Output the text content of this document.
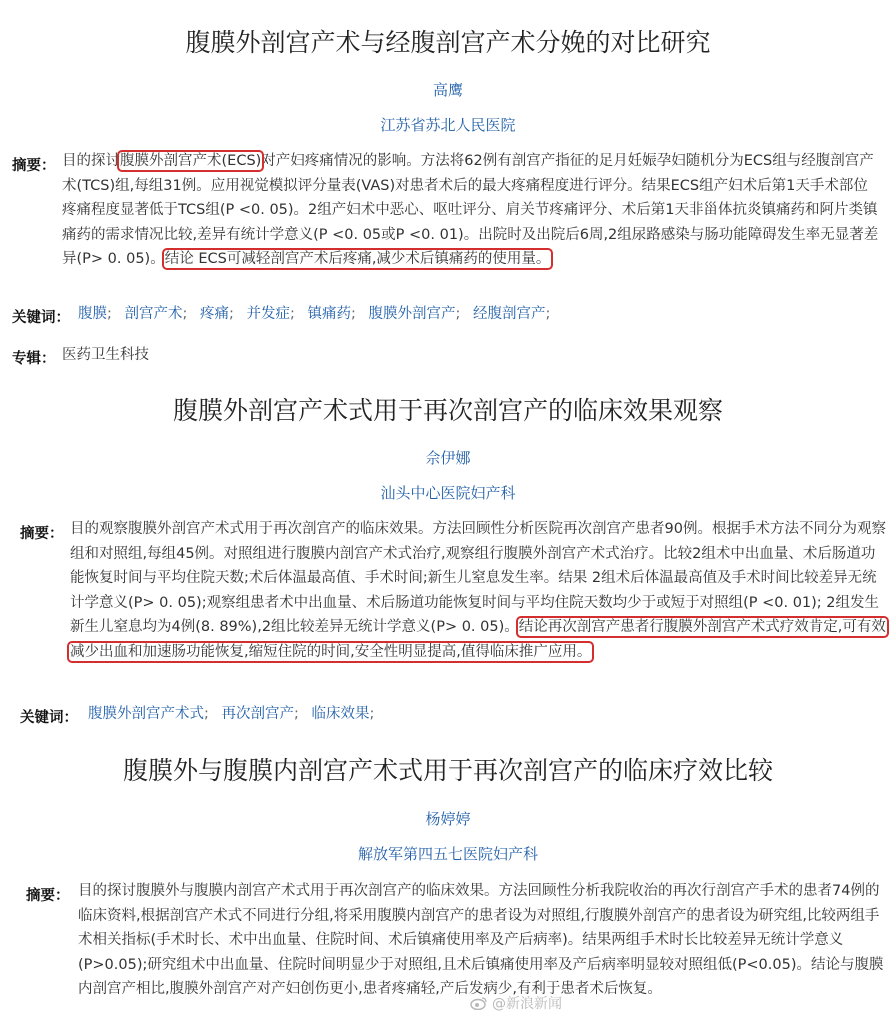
腹膜外剖宫产术与经腹剖宫产术分娩的对比研究
高鹰
江苏省苏北人民医院
摘要： 目的探讨腹膜外剖宫产术(ECS)对产妇疼痛情况的影响。方法将62例有剖宫产指征的足月妊娠孕妇随机分为ECS组与经腹剖宫产术(TCS)组,每组31例。应用视觉模拟评分量表(VAS)对患者术后的最大疼痛程度进行评分。结果ECS组产妇术后第1天手术部位疼痛程度显著低于TCS组(P <0. 05)。2组产妇术中恶心、呕吐评分、肩关节疼痛评分、术后第1天非甾体抗炎镇痛药和阿片类镇痛药的需求情况比较,差异有统计学意义(P <0. 05或P <0. 01)。出院时及出院后6周,2组尿路感染与肠功能障碍发生率无显著差异(P> 0. 05)。结论 ECS可减轻剖宫产术后疼痛,减少术后镇痛药的使用量。
关键词： 腹膜; 剖宫产术; 疼痛; 并发症; 镇痛药; 腹膜外剖宫产; 经腹剖宫产;
专辑： 医药卫生科技
腹膜外剖宫产术式用于再次剖宫产的临床效果观察
佘伊娜
汕头中心医院妇产科
摘要： 目的观察腹膜外剖宫产术式用于再次剖宫产的临床效果。方法回顾性分析医院再次剖宫产患者90例。根据手术方法不同分为观察组和对照组,每组45例。对照组进行腹膜内剖宫产术式治疗,观察组行腹膜外剖宫产术式治疗。比较2组术中出血量、术后肠道功能恢复时间与平均住院天数;术后体温最高值、手术时间;新生儿窒息发生率。结果 2组术后体温最高值及手术时间比较差异无统计学意义(P> 0. 05);观察组患者术中出血量、术后肠道功能恢复时间与平均住院天数均少于或短于对照组(P <0. 01); 2组发生新生儿窒息均为4例(8. 89%),2组比较差异无统计学意义(P> 0. 05)。结论再次剖宫产患者行腹膜外剖宫产术式疗效肯定,可有效减少出血和加速肠功能恢复,缩短住院的时间,安全性明显提高,值得临床推广应用。
关键词： 腹膜外剖宫产术式; 再次剖宫产; 临床效果;
腹膜外与腹膜内剖宫产术式用于再次剖宫产的临床疗效比较
杨婷婷
解放军第四五七医院妇产科
摘要： 目的探讨腹膜外与腹膜内剖宫产术式用于再次剖宫产的临床效果。方法回顾性分析我院收治的再次行剖宫产手术的患者74例的临床资料,根据剖宫产术式不同进行分组,将采用腹膜内剖宫产的患者设为对照组,行腹膜外剖宫产的患者设为研究组,比较两组手术相关指标(手术时长、术中出血量、住院时间、术后镇痛使用率及产后病率)。结果两组手术时长比较差异无统计学意义(P>0.05);研究组术中出血量、住院时间明显少于对照组,且术后镇痛使用率及产后病率明显较对照组低(P<0.05)。结论与腹膜内剖宫产相比,腹膜外剖宫产对产妇创伤更小,患者疼痛轻,产后发病少,有利于患者术后恢复。
@新浪新闻
